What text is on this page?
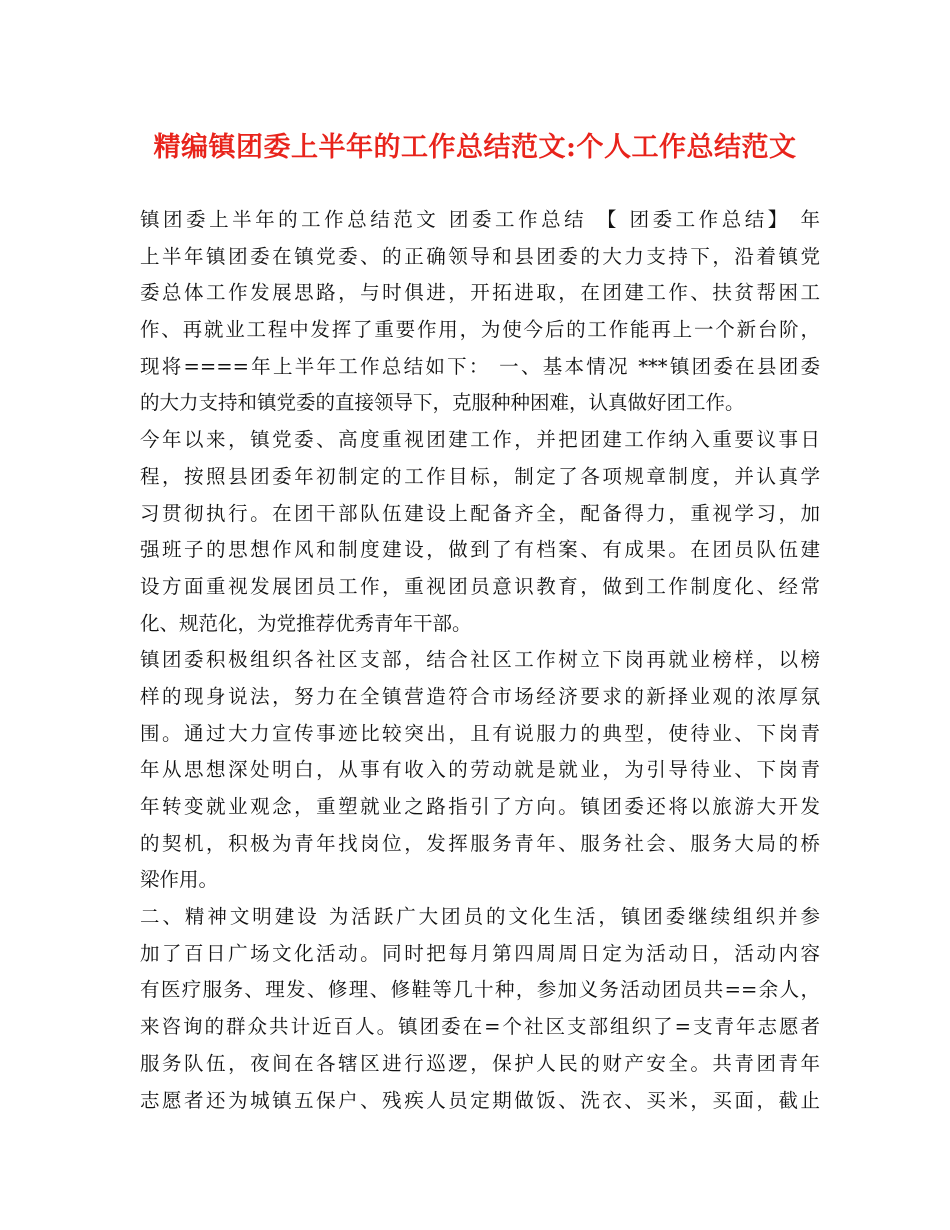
精编镇团委上半年的工作总结范文:个人工作总结范文
镇团委上半年的工作总结范文 团委工作总结 【 团委工作总结】 年
上半年镇团委在镇党委、的正确领导和县团委的大力支持下，沿着镇党
委总体工作发展思路，与时俱进，开拓进取，在团建工作、扶贫帮困工
作、再就业工程中发挥了重要作用，为使今后的工作能再上一个新台阶，
现将====年上半年工作总结如下： 一、基本情况 ***镇团委在县团委
的大力支持和镇党委的直接领导下，克服种种困难，认真做好团工作。
今年以来，镇党委、高度重视团建工作，并把团建工作纳入重要议事日
程，按照县团委年初制定的工作目标，制定了各项规章制度，并认真学
习贯彻执行。在团干部队伍建设上配备齐全，配备得力，重视学习，加
强班子的思想作风和制度建设，做到了有档案、有成果。在团员队伍建
设方面重视发展团员工作，重视团员意识教育，做到工作制度化、经常
化、规范化，为党推荐优秀青年干部。
镇团委积极组织各社区支部，结合社区工作树立下岗再就业榜样，以榜
样的现身说法，努力在全镇营造符合市场经济要求的新择业观的浓厚氛
围。通过大力宣传事迹比较突出，且有说服力的典型，使待业、下岗青
年从思想深处明白，从事有收入的劳动就是就业，为引导待业、下岗青
年转变就业观念，重塑就业之路指引了方向。镇团委还将以旅游大开发
的契机，积极为青年找岗位，发挥服务青年、服务社会、服务大局的桥
梁作用。
二、精神文明建设 为活跃广大团员的文化生活，镇团委继续组织并参
加了百日广场文化活动。同时把每月第四周周日定为活动日，活动内容
有医疗服务、理发、修理、修鞋等几十种，参加义务活动团员共==余人，
来咨询的群众共计近百人。镇团委在=个社区支部组织了=支青年志愿者
服务队伍，夜间在各辖区进行巡逻，保护人民的财产安全。共青团青年
志愿者还为城镇五保户、残疾人员定期做饭、洗衣、买米，买面，截止
